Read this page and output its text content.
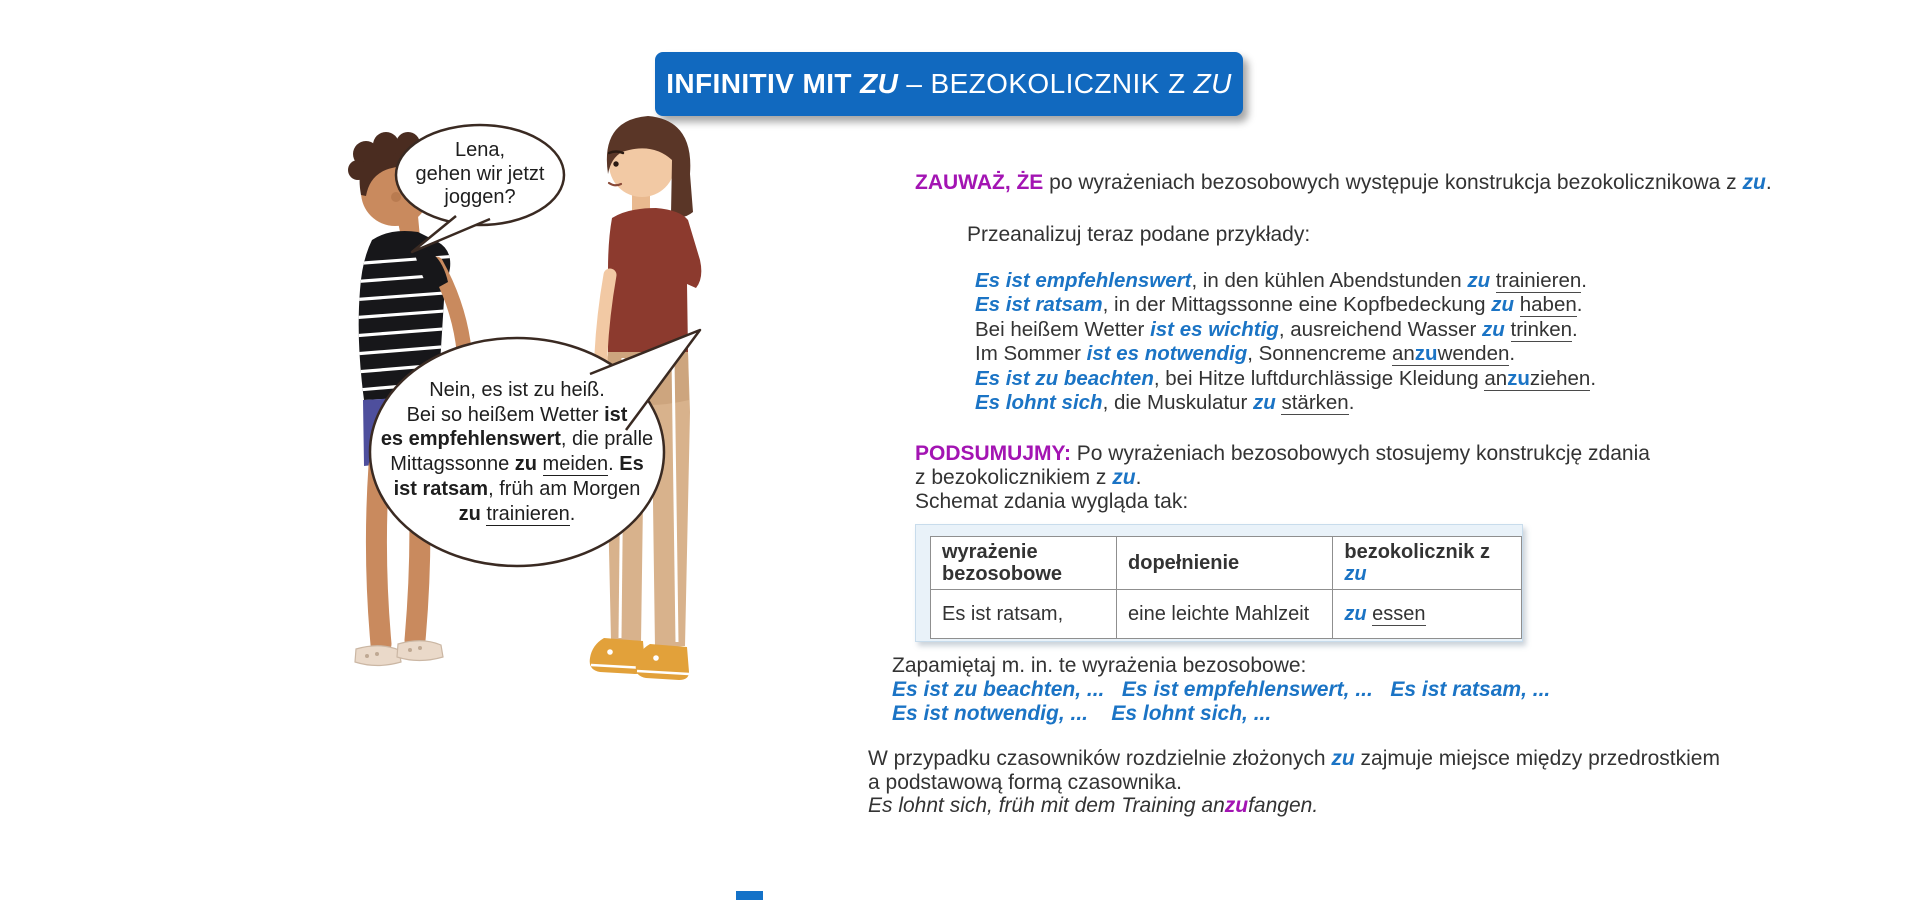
INFINITIV MIT ZU – BEZOKOLICZNIK Z ZU
Lena,
gehen wir jetzt
joggen?
Nein, es ist zu heiß.
Bei so heißem Wetter ist
es empfehlenswert, die pralle
Mittagssonne zu meiden. Es
ist ratsam, früh am Morgen
zu trainieren.
ZAUWAŻ, ŻE po wyrażeniach bezosobowych występuje konstrukcja bezokolicznikowa z zu.
Przeanalizuj teraz podane przykłady:
Es ist empfehlenswert, in den kühlen Abendstunden zu trainieren.
Es ist ratsam, in der Mittagssonne eine Kopfbedeckung zu haben.
Bei heißem Wetter ist es wichtig, ausreichend Wasser zu trinken.
Im Sommer ist es notwendig, Sonnencreme anzuwenden.
Es ist zu beachten, bei Hitze luftdurchlässige Kleidung anzuziehen.
Es lohnt sich, die Muskulatur zu stärken.
PODSUMUJMY: Po wyrażeniach bezosobowych stosujemy konstrukcję zdania
z bezokolicznikiem z zu.
Schemat zdania wygląda tak:
wyrażenie bezosobowe	dopełnienie	bezokolicznik z zu
Es ist ratsam,	eine leichte Mahlzeit	zu essen
Zapamiętaj m. in. te wyrażenia bezosobowe:
Es ist zu beachten, ... Es ist empfehlenswert, ... Es ist ratsam, ...
Es ist notwendig, ... Es lohnt sich, ...
W przypadku czasowników rozdzielnie złożonych zu zajmuje miejsce między przedrostkiem
a podstawową formą czasownika.
Es lohnt sich, früh mit dem Training anzufangen.
